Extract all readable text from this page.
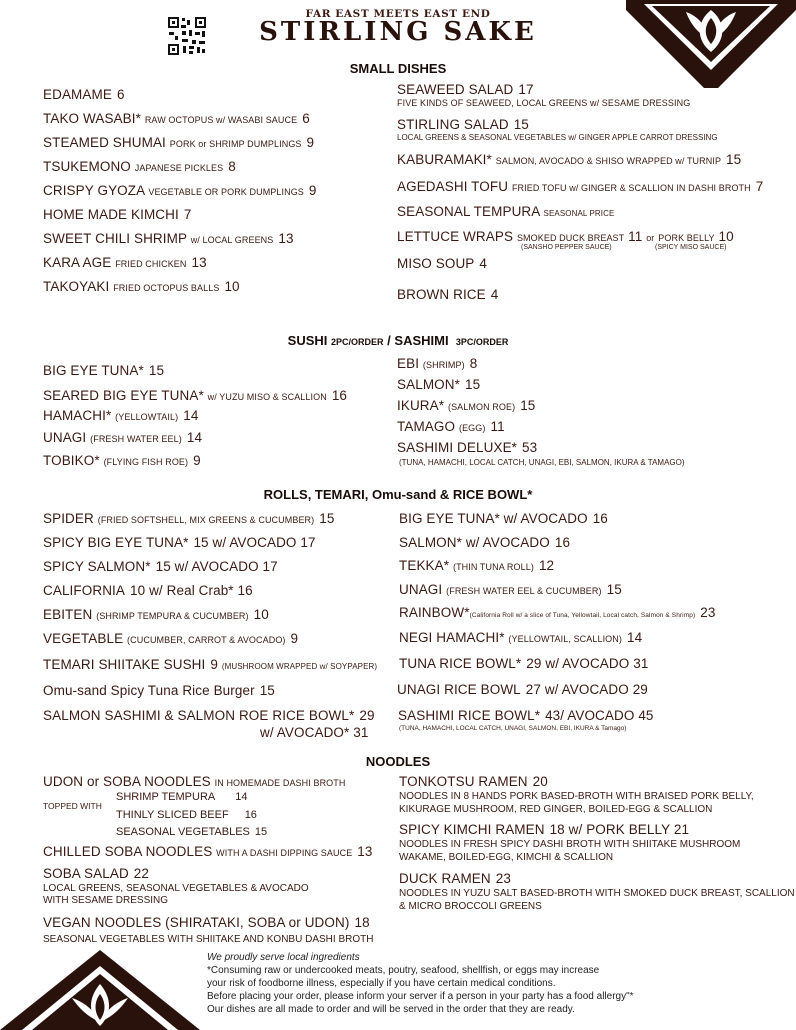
FAR EAST MEETS EAST END
STIRLING SAKE
SMALL DISHES
EDAMAME 6
TAKO WASABI* RAW OCTOPUS w/ WASABI SAUCE 6
STEAMED SHUMAI PORK or SHRIMP DUMPLINGS 9
TSUKEMONO JAPANESE PICKLES 8
CRISPY GYOZA VEGETABLE OR PORK DUMPLINGS 9
HOME MADE KIMCHI 7
SWEET CHILI SHRIMP w/ LOCAL GREENS 13
KARA AGE FRIED CHICKEN 13
TAKOYAKI FRIED OCTOPUS BALLS 10
SEAWEED SALAD 17
FIVE KINDS OF SEAWEED, LOCAL GREENS w/ SESAME DRESSING
STIRLING SALAD 15
LOCAL GREENS & SEASONAL VEGETABLES w/ GINGER APPLE CARROT DRESSING
KABURAMAKI* SALMON, AVOCADO & SHISO WRAPPED w/ TURNIP 15
AGEDASHI TOFU FRIED TOFU w/ GINGER & SCALLION IN DASHI BROTH 7
SEASONAL TEMPURA SEASONAL PRICE
LETTUCE WRAPS SMOKED DUCK BREAST 11 or PORK BELLY 10
(SANSHO PEPPER SAUCE)	(SPICY MISO SAUCE)
MISO SOUP 4
BROWN RICE 4
SUSHI 2PC/ORDER / SASHIMI 3PC/ORDER
BIG EYE TUNA* 15
SEARED BIG EYE TUNA* w/ YUZU MISO & SCALLION 16
HAMACHI* (YELLOWTAIL) 14
UNAGI (FRESH WATER EEL) 14
TOBIKO* (FLYING FISH ROE) 9
EBI (SHRIMP) 8
SALMON* 15
IKURA* (SALMON ROE) 15
TAMAGO (EGG) 11
SASHIMI DELUXE* 53
(TUNA, HAMACHI, LOCAL CATCH, UNAGI, EBI, SALMON, IKURA & TAMAGO)
ROLLS, TEMARI, Omu-sand & RICE BOWL*
SPIDER (FRIED SOFTSHELL, MIX GREENS & CUCUMBER) 15
SPICY BIG EYE TUNA* 15 w/ AVOCADO 17
SPICY SALMON* 15 w/ AVOCADO 17
CALIFORNIA 10 w/ Real Crab* 16
EBITEN (SHRIMP TEMPURA & CUCUMBER) 10
VEGETABLE (CUCUMBER, CARROT & AVOCADO) 9
TEMARI SHIITAKE SUSHI 9 (MUSHROOM WRAPPED w/ SOYPAPER)
Omu-sand Spicy Tuna Rice Burger 15
SALMON SASHIMI & SALMON ROE RICE BOWL* 29
w/ AVOCADO* 31
BIG EYE TUNA* w/ AVOCADO 16
SALMON* w/ AVOCADO 16
TEKKA* (THIN TUNA ROLL) 12
UNAGI (FRESH WATER EEL & CUCUMBER) 15
RAINBOW*(California Roll w/ a slice of Tuna, Yellowtail, Local catch, Salmon & Shrimp) 23
NEGI HAMACHI* (YELLOWTAIL, SCALLION) 14
TUNA RICE BOWL* 29 w/ AVOCADO 31
UNAGI RICE BOWL 27 w/ AVOCADO 29
SASHIMI RICE BOWL* 43/ AVOCADO 45
(TUNA, HAMACHI, LOCAL CATCH, UNAGI, SALMON, EBI, IKURA & Tamago)
NOODLES
UDON or SOBA NOODLES IN HOMEMADE DASHI BROTH
TOPPED WITH
SHRIMP TEMPURA 14
THINLY SLICED BEEF 16
SEASONAL VEGETABLES 15
CHILLED SOBA NOODLES WITH A DASHI DIPPING SAUCE 13
SOBA SALAD 22
LOCAL GREENS, SEASONAL VEGETABLES & AVOCADO
WITH SESAME DRESSING
VEGAN NOODLES (SHIRATAKI, SOBA or UDON) 18
SEASONAL VEGETABLES WITH SHIITAKE AND KONBU DASHI BROTH
TONKOTSU RAMEN 20
NOODLES IN 8 HANDS PORK BASED-BROTH WITH BRAISED PORK BELLY,
KIKURAGE MUSHROOM, RED GINGER, BOILED-EGG & SCALLION
SPICY KIMCHI RAMEN 18 w/ PORK BELLY 21
NOODLES IN FRESH SPICY DASHI BROTH WITH SHIITAKE MUSHROOM
WAKAME, BOILED-EGG, KIMCHI & SCALLION
DUCK RAMEN 23
NOODLES IN YUZU SALT BASED-BROTH WITH SMOKED DUCK BREAST, SCALLION
& MICRO BROCCOLI GREENS
We proudly serve local ingredients
*Consuming raw or undercooked meats, poutry, seafood, shellfish, or eggs may increase
your risk of foodborne illness, especially if you have certain medical conditions.
Before placing your order, please inform your server if a person in your party has a food allergy"*
Our dishes are all made to order and will be served in the order that they are ready.
